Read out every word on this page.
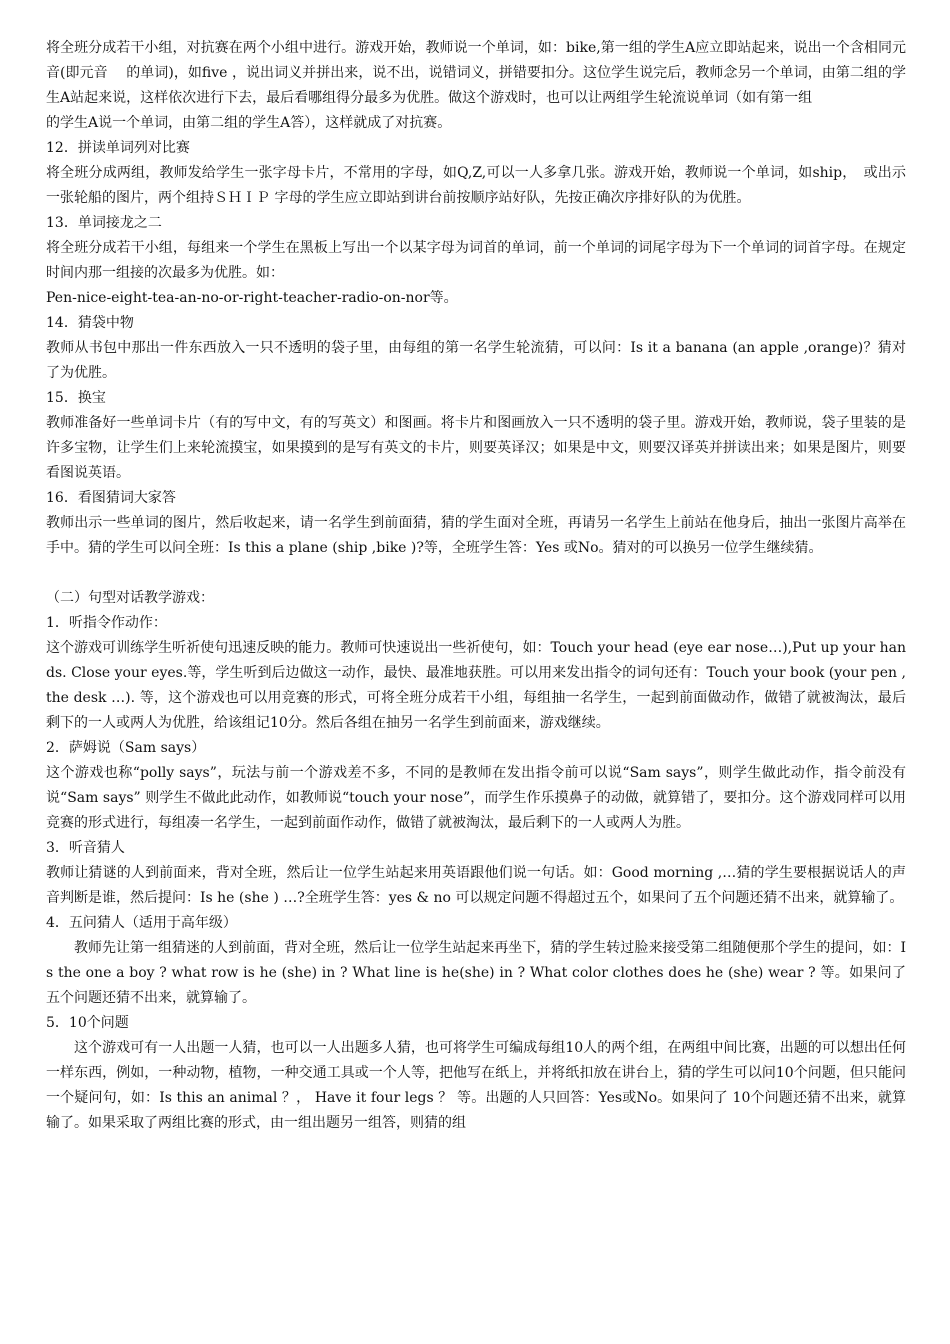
将全班分成若干小组，对抗赛在两个小组中进行。游戏开始，教师说一个单词，如：bike,第一组的学生A应立即站起来，说出一个含相同元音(即元音　 的单词)，如five ，说出词义并拼出来，说不出，说错词义，拼错要扣分。这位学生说完后，教师念另一个单词，由第二组的学生A站起来说，这样依次进行下去，最后看哪组得分最多为优胜。做这个游戏时，也可以让两组学生轮流说单词（如有第一组

的学生A说一个单词，由第二组的学生A答），这样就成了对抗赛。

12．拼读单词列对比赛

将全班分成两组，教师发给学生一张字母卡片，不常用的字母，如Q,Z,可以一人多拿几张。游戏开始，教师说一个单词，如ship，　或出示一张轮船的图片，两个组持ＳＨＩＰ 字母的学生应立即站到讲台前按顺序站好队，先按正确次序排好队的为优胜。

13．单词接龙之二

将全班分成若干小组，每组来一个学生在黑板上写出一个以某字母为词首的单词，前一个单词的词尾字母为下一个单词的词首字母。在规定时间内那一组接的次最多为优胜。如：

Pen-nice-eight-tea-an-no-or-right-teacher-radio-on-nor等。

14．猜袋中物

教师从书包中那出一件东西放入一只不透明的袋子里，由每组的第一名学生轮流猜，可以问：Is it a banana (an apple ,orange)？猜对了为优胜。

15．换宝

教师准备好一些单词卡片（有的写中文，有的写英文）和图画。将卡片和图画放入一只不透明的袋子里。游戏开始，教师说，袋子里装的是许多宝物，让学生们上来轮流摸宝，如果摸到的是写有英文的卡片，则要英译汉；如果是中文，则要汉译英并拼读出来；如果是图片，则要看图说英语。

16．看图猜词大家答

教师出示一些单词的图片，然后收起来，请一名学生到前面猜，猜的学生面对全班，再请另一名学生上前站在他身后，抽出一张图片高举在手中。猜的学生可以问全班：Is this a plane (ship ,bike )?等，全班学生答：Yes 或No。猜对的可以换另一位学生继续猜。

（二）句型对话教学游戏：

1．听指令作动作：

这个游戏可训练学生听祈使句迅速反映的能力。教师可快速说出一些祈使句，如：Touch your head (eye ear nose…),Put up your hands. Close your eyes.等，学生听到后边做这一动作，最快、最准地获胜。可以用来发出指令的词句还有：Touch your book (your pen ,the desk …). 等，这个游戏也可以用竞赛的形式，可将全班分成若干小组，每组抽一名学生，一起到前面做动作，做错了就被淘汰，最后剩下的一人或两人为优胜，给该组记10分。然后各组在抽另一名学生到前面来，游戏继续。

2．萨姆说（Sam says）

这个游戏也称“polly says”，玩法与前一个游戏差不多，不同的是教师在发出指令前可以说“Sam says”，则学生做此动作，指令前没有说“Sam says” 则学生不做此此动作，如教师说“touch your nose”，而学生作乐摸鼻子的动做，就算错了，要扣分。这个游戏同样可以用竞赛的形式进行，每组凑一名学生，一起到前面作动作，做错了就被淘汰，最后剩下的一人或两人为胜。

3．听音猜人

教师让猜谜的人到前面来，背对全班，然后让一位学生站起来用英语跟他们说一句话。如：Good morning ,…猜的学生要根据说话人的声音判断是谁，然后提问：Is he (she ) …?全班学生答：yes & no 可以规定问题不得超过五个，如果问了五个问题还猜不出来，就算输了。

4．五问猜人（适用于高年级）

教师先让第一组猜迷的人到前面，背对全班，然后让一位学生站起来再坐下，猜的学生转过脸来接受第二组随便那个学生的提问，如：Is the one a boy ? what row is he (she) in ? What line is he(she) in ? What color clothes does he (she) wear ? 等。如果问了五个问题还猜不出来，就算输了。

5．10个问题

这个游戏可有一人出题一人猜，也可以一人出题多人猜，也可将学生可编成每组10人的两个组，在两组中间比赛，出题的可以想出任何一样东西，例如，一种动物，植物，一种交通工具或一个人等，把他写在纸上，并将纸扣放在讲台上，猜的学生可以问10个问题，但只能问一个疑问句，如：Is this an animal ？， Have it four legs ？ 等。出题的人只回答：Yes或No。如果问了 10个问题还猜不出来，就算输了。如果采取了两组比赛的形式，由一组出题另一组答，则猜的组
